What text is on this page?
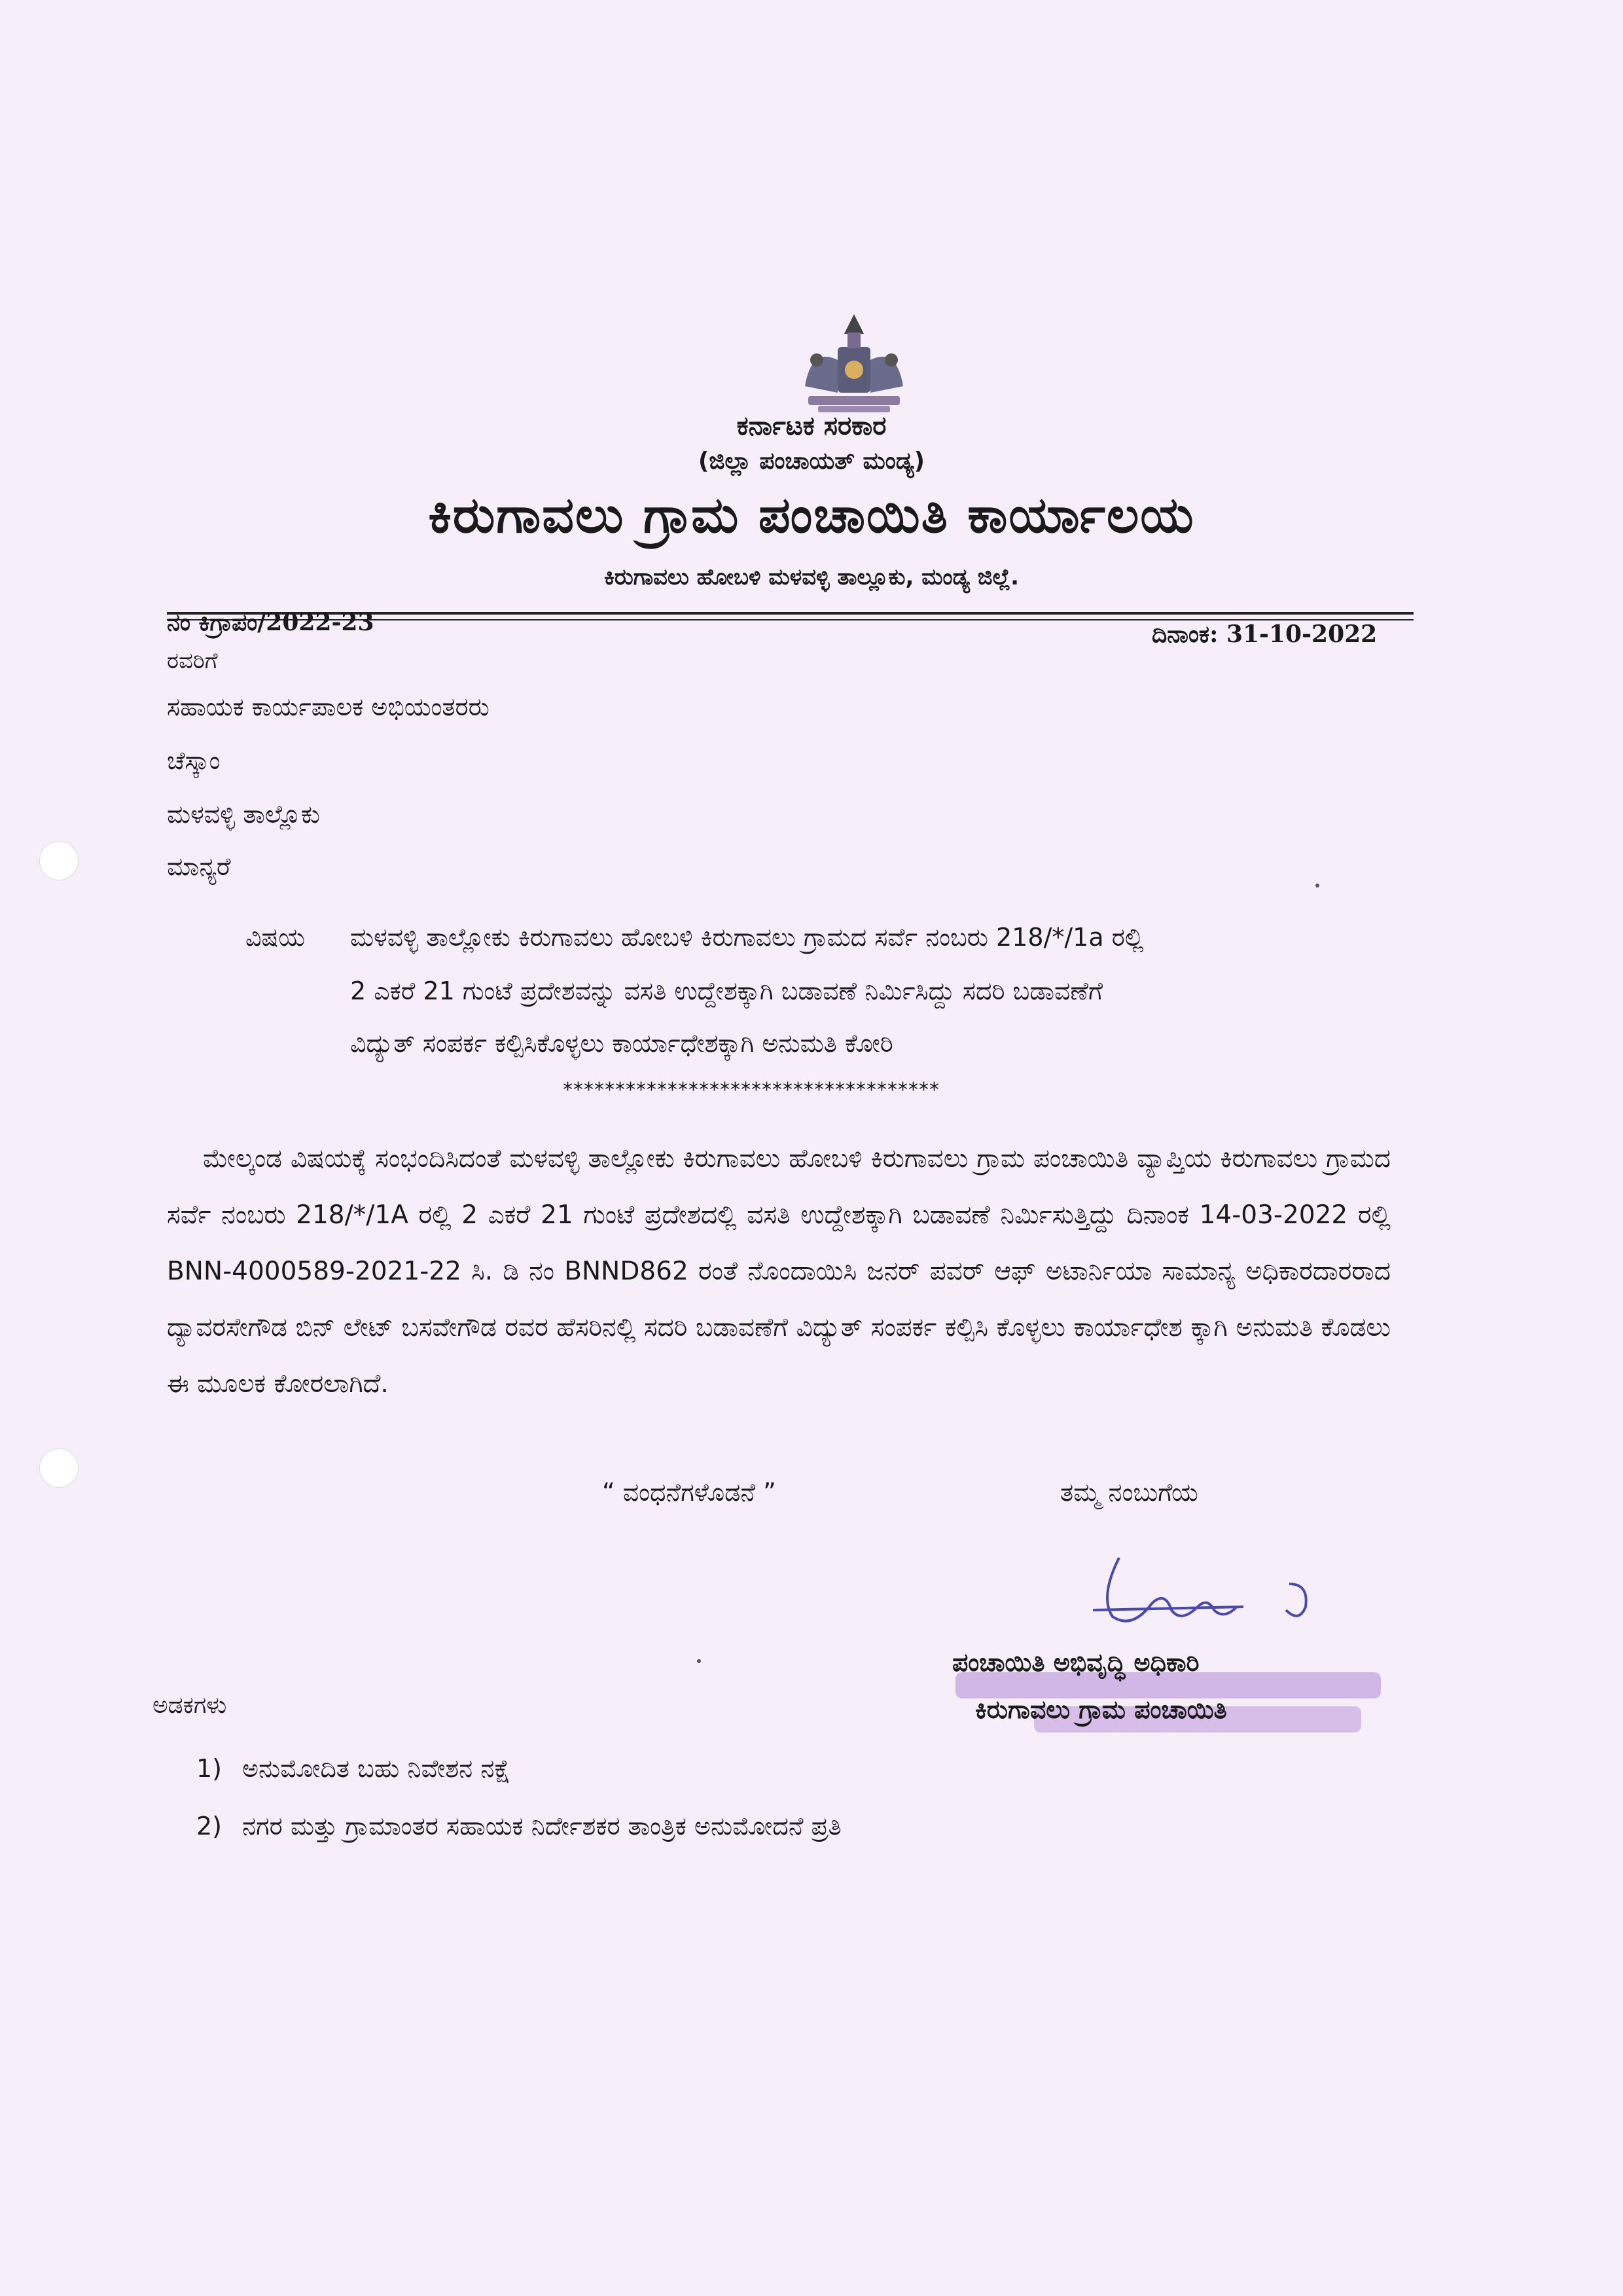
ಕರ್ನಾಟಕ ಸರಕಾರ
(ಜಿಲ್ಲಾ ಪಂಚಾಯತ್ ಮಂಡ್ಯ)
ಕಿರುಗಾವಲು ಗ್ರಾಮ ಪಂಚಾಯಿತಿ ಕಾರ್ಯಾಲಯ
ಕಿರುಗಾವಲು ಹೋಬಳಿ ಮಳವಳ್ಳಿ ತಾಲ್ಲೂಕು, ಮಂಡ್ಯ ಜಿಲ್ಲೆ.
ನಂ ಕಿಗ್ರಾಪಂ/2022-23	ದಿನಾಂಕ: 31-10-2022
ರವರಿಗೆ
ಸಹಾಯಕ ಕಾರ್ಯಪಾಲಕ ಅಭಿಯಂತರರು
ಚೆಸ್ಕಾಂ
ಮಳವಳ್ಳಿ ತಾಲ್ಲೊಕು
ಮಾನ್ಯರೆ
ವಿಷಯ ಮಳವಳ್ಳಿ ತಾಲ್ಲೋಕು ಕಿರುಗಾವಲು ಹೋಬಳಿ ಕಿರುಗಾವಲು ಗ್ರಾಮದ ಸರ್ವೆ ನಂಬರು 218/*/1a ರಲ್ಲಿ
2 ಎಕರೆ 21 ಗುಂಟೆ ಪ್ರದೇಶವನ್ನು ವಸತಿ ಉದ್ದೇಶಕ್ಕಾಗಿ ಬಡಾವಣೆ ನಿರ್ಮಿಸಿದ್ದು ಸದರಿ ಬಡಾವಣೆಗೆ
ವಿದ್ಯುತ್ ಸಂಪರ್ಕ ಕಲ್ಪಿಸಿಕೊಳ್ಳಲು ಕಾರ್ಯಾಧೇಶಕ್ಕಾಗಿ ಅನುಮತಿ ಕೋರಿ
************************************
ಮೇಲ್ಕಂಡ ವಿಷಯಕ್ಕೆ ಸಂಭಂದಿಸಿದಂತೆ ಮಳವಳ್ಳಿ ತಾಲ್ಲೋಕು ಕಿರುಗಾವಲು ಹೋಬಳಿ ಕಿರುಗಾವಲು ಗ್ರಾಮ ಪಂಚಾಯಿತಿ ವ್ಯಾಪ್ತಿಯ ಕಿರುಗಾವಲು ಗ್ರಾಮದ ಸರ್ವೆ ನಂಬರು 218/*/1A ರಲ್ಲಿ 2 ಎಕರೆ 21 ಗುಂಟೆ ಪ್ರದೇಶದಲ್ಲಿ ವಸತಿ ಉದ್ದೇಶಕ್ಕಾಗಿ ಬಡಾವಣೆ ನಿರ್ಮಿಸುತ್ತಿದ್ದು ದಿನಾಂಕ 14-03-2022 ರಲ್ಲಿ BNN-4000589-2021-22 ಸಿ. ಡಿ ನಂ BNND862 ರಂತೆ ನೊಂದಾಯಿಸಿ ಜನರ್ ಪವರ್ ಆಫ್ ಅಟಾರ್ನಿಯಾ ಸಾಮಾನ್ಯ ಅಧಿಕಾರದಾರರಾದ ದ್ಯಾವರಸೇಗೌಡ ಬಿನ್ ಲೇಟ್ ಬಸವೇಗೌಡ ರವರ ಹೆಸರಿನಲ್ಲಿ ಸದರಿ ಬಡಾವಣೆಗೆ ವಿದ್ಯುತ್ ಸಂಪರ್ಕ ಕಲ್ಪಿಸಿ ಕೊಳ್ಳಲು ಕಾರ್ಯಾಧೇಶ ಕ್ಕಾಗಿ ಅನುಮತಿ ಕೊಡಲು ಈ ಮೂಲಕ ಕೋರಲಾಗಿದೆ.
“ ವಂಧನೆಗಳೊಡನೆ ”	ತಮ್ಮ ನಂಬುಗೆಯ
ಪಂಚಾಯಿತಿ ಅಭಿವೃದ್ಧಿ ಅಧಿಕಾರಿ
ಕಿರುಗಾವಲು ಗ್ರಾಮ ಪಂಚಾಯಿತಿ
ಅಡಕಗಳು
1) ಅನುಮೋದಿತ ಬಹು ನಿವೇಶನ ನಕ್ಷೆ
2) ನಗರ ಮತ್ತು ಗ್ರಾಮಾಂತರ ಸಹಾಯಕ ನಿರ್ದೇಶಕರ ತಾಂತ್ರಿಕ ಅನುಮೋದನೆ ಪ್ರತಿ
